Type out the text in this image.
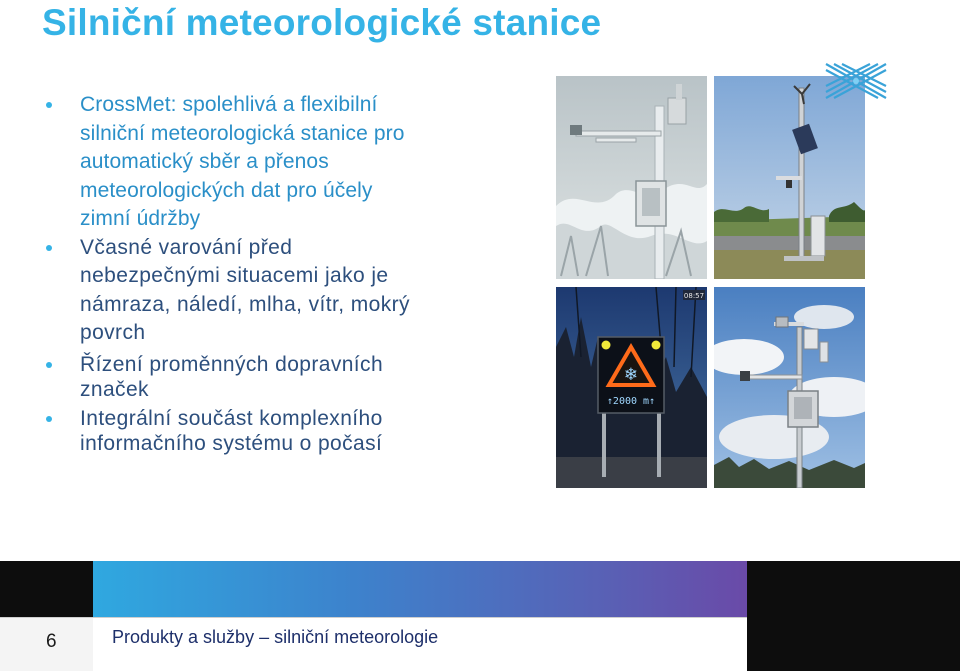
Silniční meteorologické stanice
CrossMet: spolehlivá a flexibilní
silniční meteorologická stanice pro
automatický sběr a přenos
meteorologických dat pro účely
zimní údržby
Včasné varování před
nebezpečnými situacemi jako je
námraza, náledí, mlha, vítr, mokrý
povrch
Řízení proměnných dopravních
značek
Integrální součást komplexního
informačního systému o počasí
❄
↑2000 m↑
08:57
6	Produkty a služby – silniční meteorologie
cross ®
